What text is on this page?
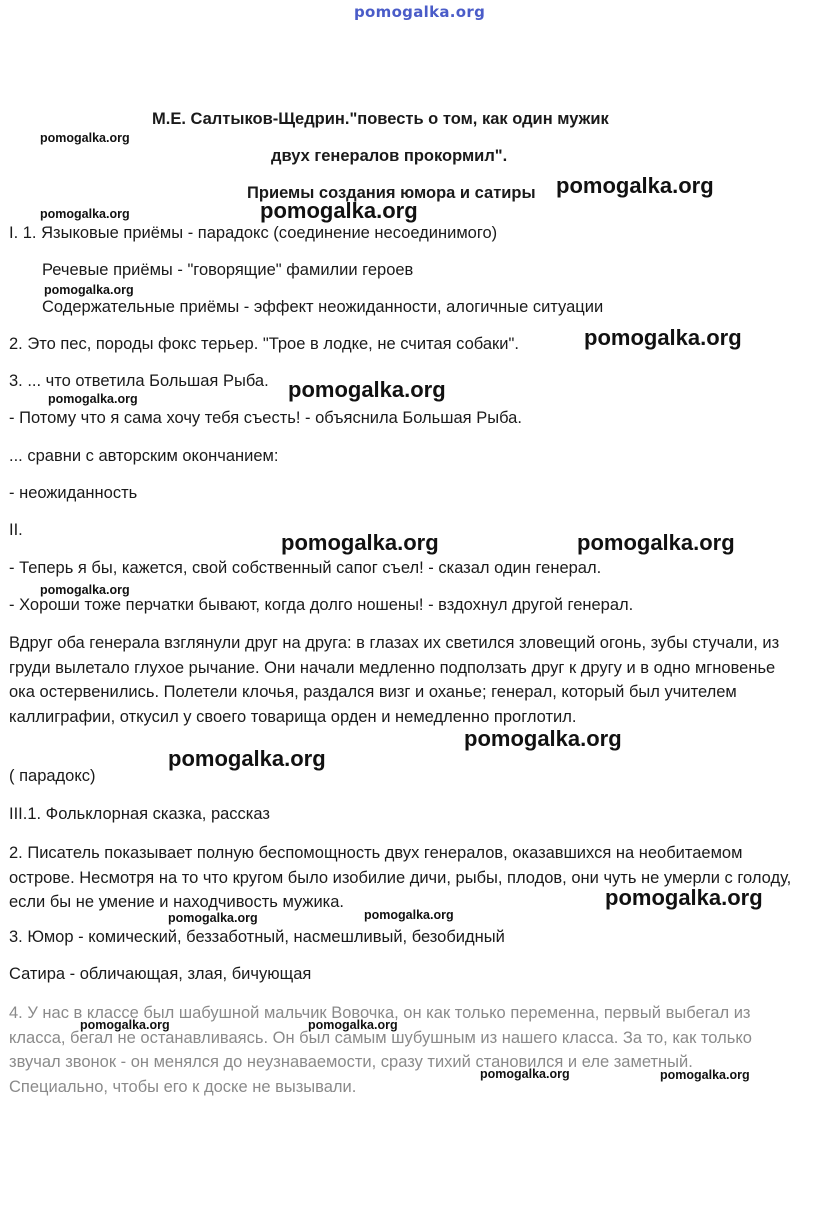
pomogalka.org
М.Е. Салтыков-Щедрин."повесть о том, как один мужик
двух генералов прокормил".
Приемы создания юмора и сатиры
I. 1. Языковые приёмы - парадокс (соединение несоединимого)
Речевые приёмы - "говорящие" фамилии героев
Содержательные приёмы - эффект неожиданности, алогичные ситуации
2. Это пес, породы фокс терьер. "Трое в лодке, не считая собаки".
3. ... что ответила Большая Рыба.
- Потому что я сама хочу тебя съесть! - объяснила Большая Рыба.
... сравни с авторским окончанием:
- неожиданность
II.
- Теперь я бы, кажется, свой собственный сапог съел! - сказал один генерал.
- Хороши тоже перчатки бывают, когда долго ношены! - вздохнул другой генерал.
Вдруг оба генерала взглянули друг на друга: в глазах их светился зловещий огонь, зубы стучали, из груди вылетало глухое рычание. Они начали медленно подползать друг к другу и в одно мгновенье ока остервенились. Полетели клочья, раздался визг и оханье; генерал, который был учителем каллиграфии, откусил у своего товарища орден и немедленно проглотил.
( парадокс)
III.1. Фольклорная сказка, рассказ
2. Писатель показывает полную беспомощность двух генералов, оказавшихся на необитаемом острове. Несмотря на то что кругом было изобилие дичи, рыбы, плодов, они чуть не умерли с голоду, если бы не умение и находчивость мужика.
3. Юмор - комический, беззаботный, насмешливый, безобидный
Сатира - обличающая, злая, бичующая
4. У нас в классе был шабушной мальчик Вовочка, он как только переменна, первый выбегал из класса, бегал не останавливаясь. Он был самым шубушным из нашего класса. За то, как только звучал звонок - он менялся до неузнаваемости, сразу тихий становился и еле заметный. Специально, чтобы его к доске не вызывали.
pomogalka.org
pomogalka.org
pomogalka.org
pomogalka.org
pomogalka.org	pomogalka.org
pomogalka.org
pomogalka.org
pomogalka.org
pomogalka.org
pomogalka.org
pomogalka.org
pomogalka.org
pomogalka.org
pomogalka.org	pomogalka.org
pomogalka.org	pomogalka.org
pomogalka.org	pomogalka.org
